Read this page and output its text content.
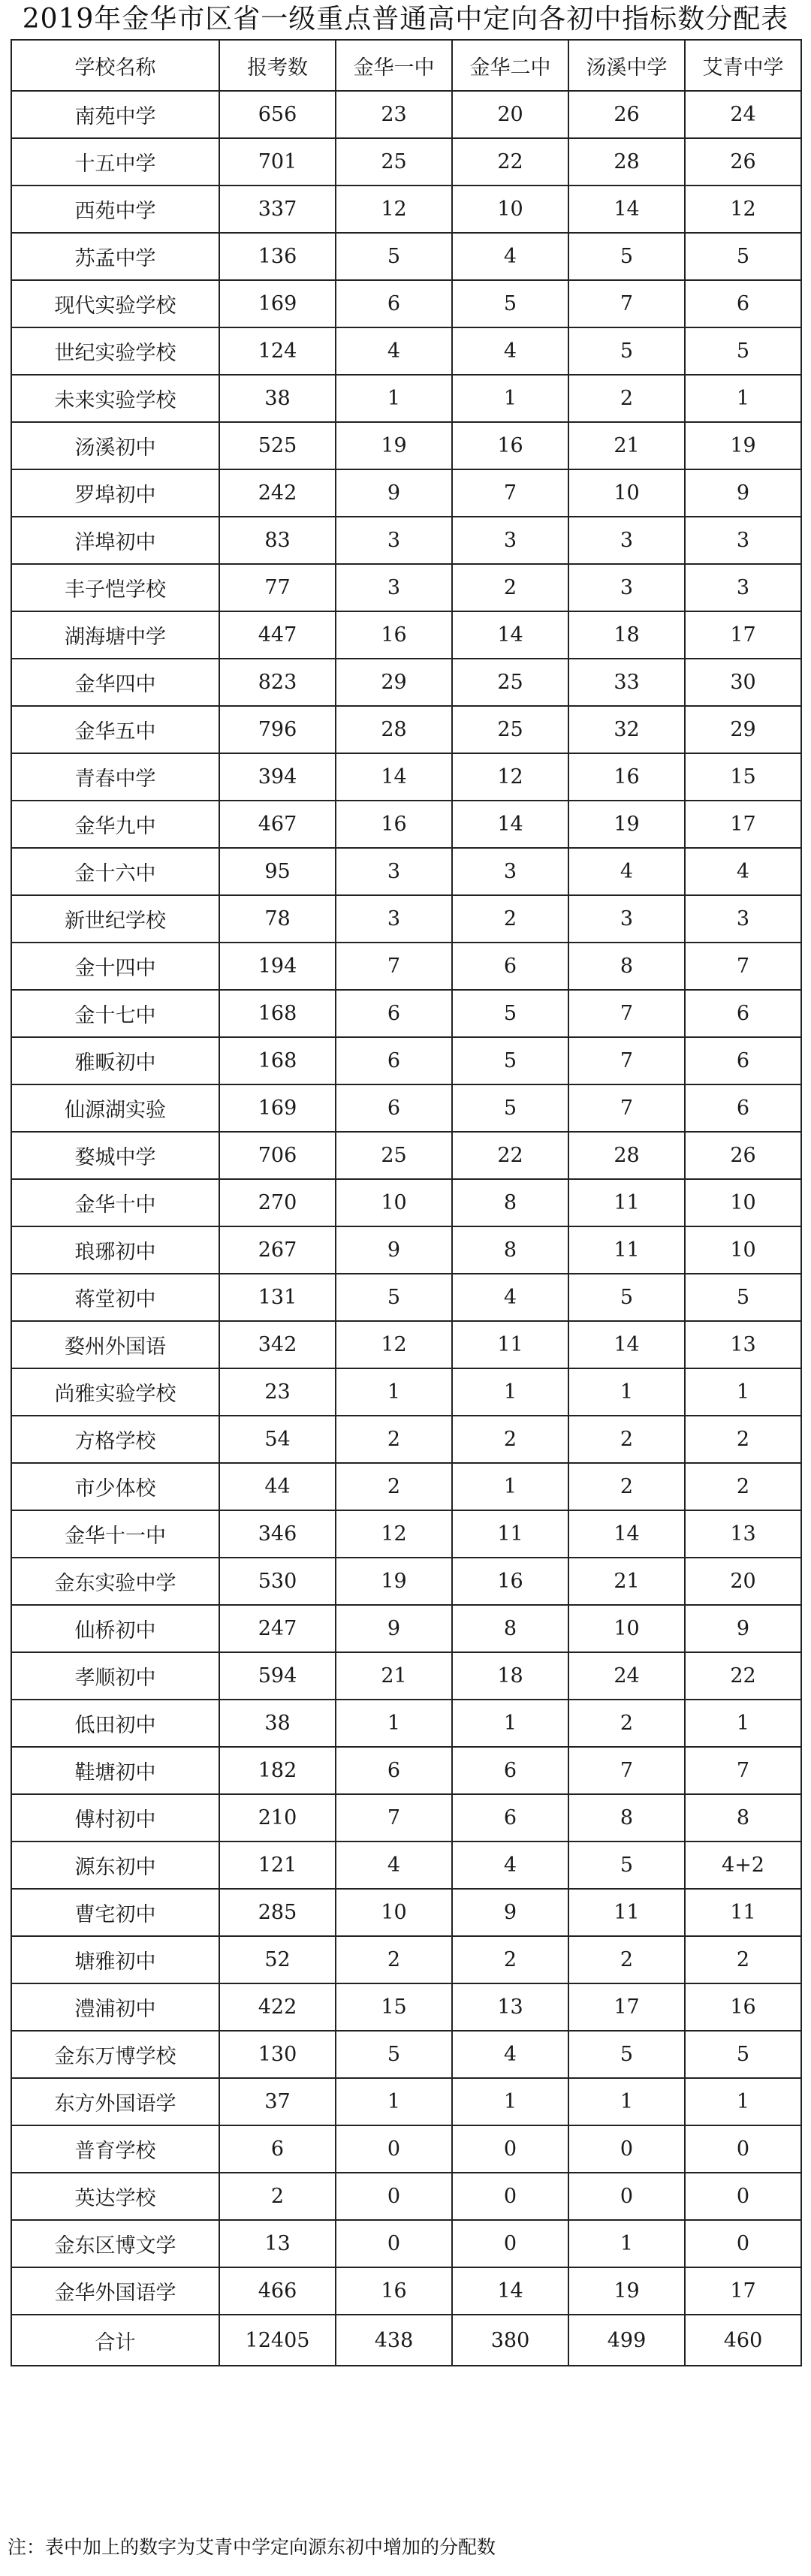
2019年金华市区省一级重点普通高中定向各初中指标数分配表
学校名称	报考数	金华一中	金华二中	汤溪中学	艾青中学
南苑中学	656	23	20	26	24
十五中学	701	25	22	28	26
西苑中学	337	12	10	14	12
苏孟中学	136	5	4	5	5
现代实验学校	169	6	5	7	6
世纪实验学校	124	4	4	5	5
未来实验学校	38	1	1	2	1
汤溪初中	525	19	16	21	19
罗埠初中	242	9	7	10	9
洋埠初中	83	3	3	3	3
丰子恺学校	77	3	2	3	3
湖海塘中学	447	16	14	18	17
金华四中	823	29	25	33	30
金华五中	796	28	25	32	29
青春中学	394	14	12	16	15
金华九中	467	16	14	19	17
金十六中	95	3	3	4	4
新世纪学校	78	3	2	3	3
金十四中	194	7	6	8	7
金十七中	168	6	5	7	6
雅畈初中	168	6	5	7	6
仙源湖实验	169	6	5	7	6
婺城中学	706	25	22	28	26
金华十中	270	10	8	11	10
琅琊初中	267	9	8	11	10
蒋堂初中	131	5	4	5	5
婺州外国语	342	12	11	14	13
尚雅实验学校	23	1	1	1	1
方格学校	54	2	2	2	2
市少体校	44	2	1	2	2
金华十一中	346	12	11	14	13
金东实验中学	530	19	16	21	20
仙桥初中	247	9	8	10	9
孝顺初中	594	21	18	24	22
低田初中	38	1	1	2	1
鞋塘初中	182	6	6	7	7
傅村初中	210	7	6	8	8
源东初中	121	4	4	5	4+2
曹宅初中	285	10	9	11	11
塘雅初中	52	2	2	2	2
澧浦初中	422	15	13	17	16
金东万博学校	130	5	4	5	5
东方外国语学	37	1	1	1	1
普育学校	6	0	0	0	0
英达学校	2	0	0	0	0
金东区博文学	13	0	0	1	0
金华外国语学	466	16	14	19	17
合计	12405	438	380	499	460
注：表中加上的数字为艾青中学定向源东初中增加的分配数
